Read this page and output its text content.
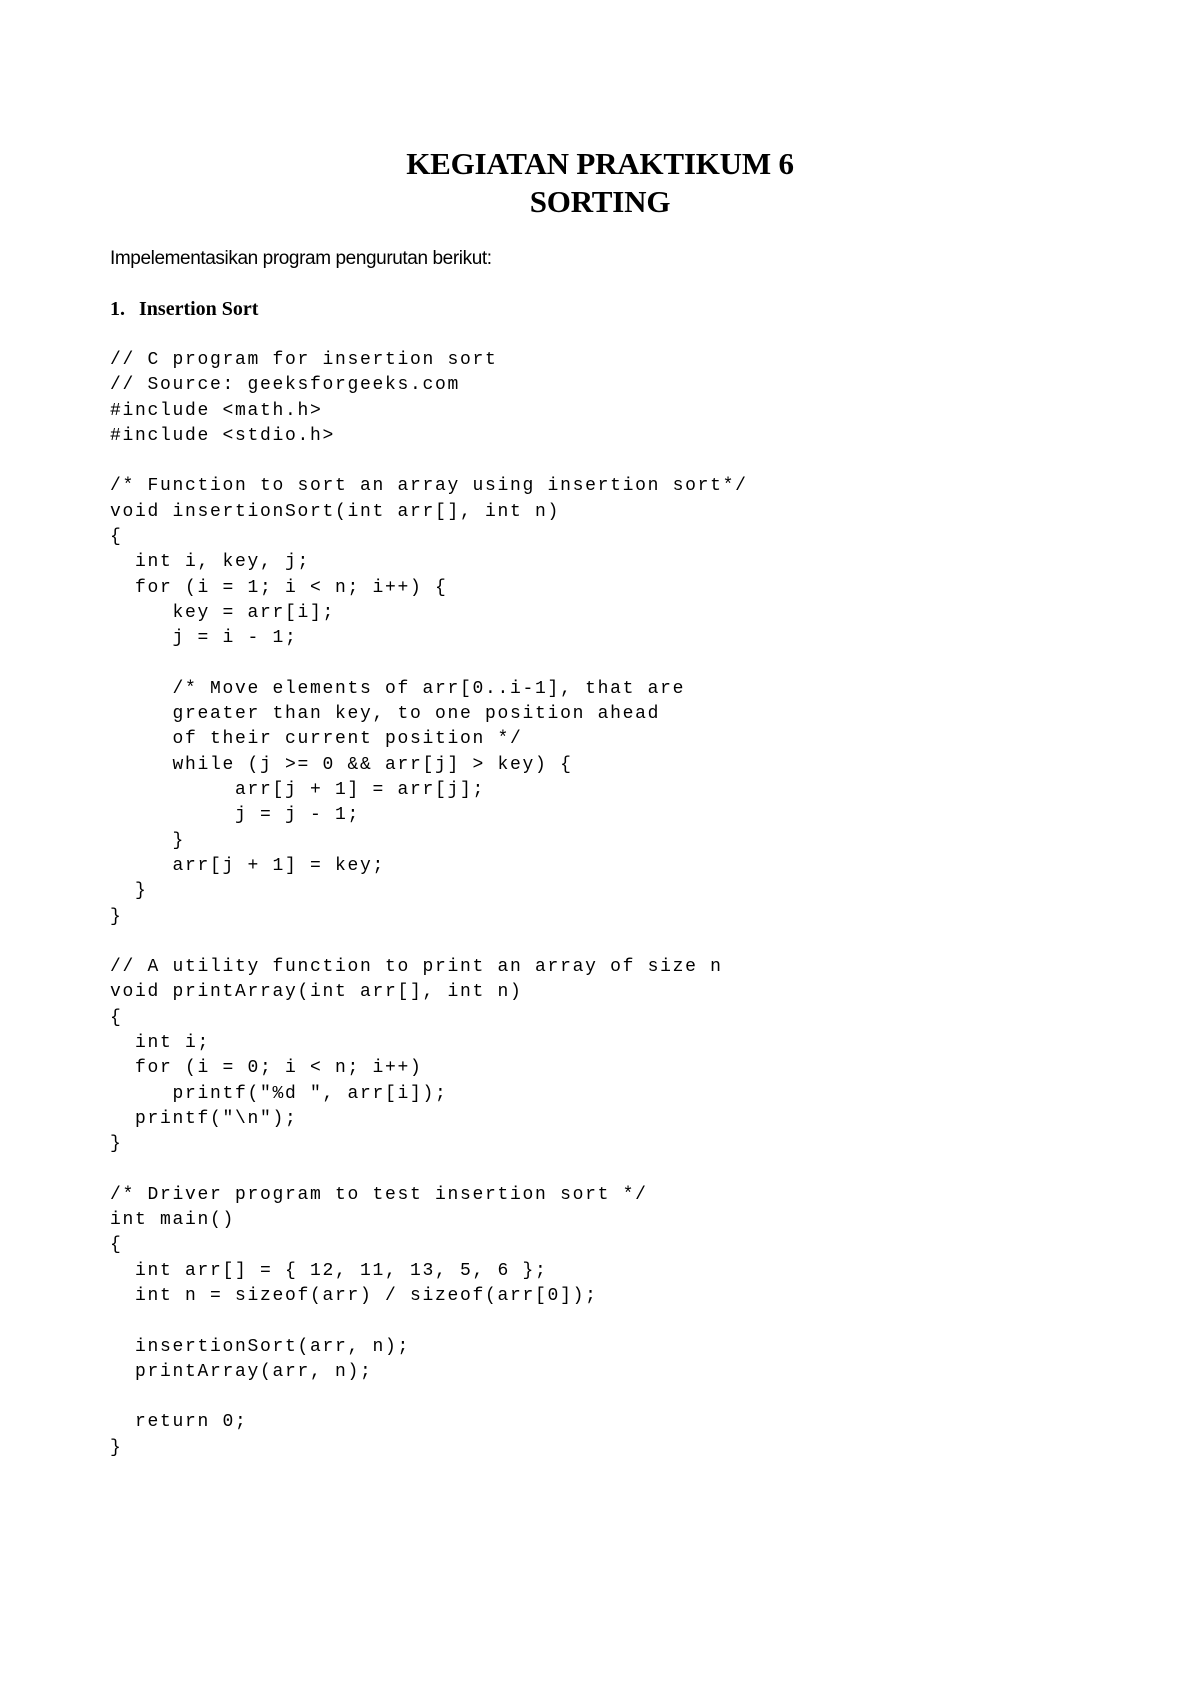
KEGIATAN PRAKTIKUM 6
SORTING
Impelementasikan program pengurutan berikut:
1. Insertion Sort
// C program for insertion sort
// Source: geeksforgeeks.com
#include <math.h>
#include <stdio.h>
/* Function to sort an array using insertion sort*/
void insertionSort(int arr[], int n)
{
int i, key, j;
for (i = 1; i < n; i++) {
key = arr[i];
j = i - 1;
/* Move elements of arr[0..i-1], that are
greater than key, to one position ahead
of their current position */
while (j >= 0 && arr[j] > key) {
arr[j + 1] = arr[j];
j = j - 1;
}
arr[j + 1] = key;
}
}
// A utility function to print an array of size n
void printArray(int arr[], int n)
{
int i;
for (i = 0; i < n; i++)
printf("%d ", arr[i]);
printf("\n");
}
/* Driver program to test insertion sort */
int main()
{
int arr[] = { 12, 11, 13, 5, 6 };
int n = sizeof(arr) / sizeof(arr[0]);
insertionSort(arr, n);
printArray(arr, n);
return 0;
}
